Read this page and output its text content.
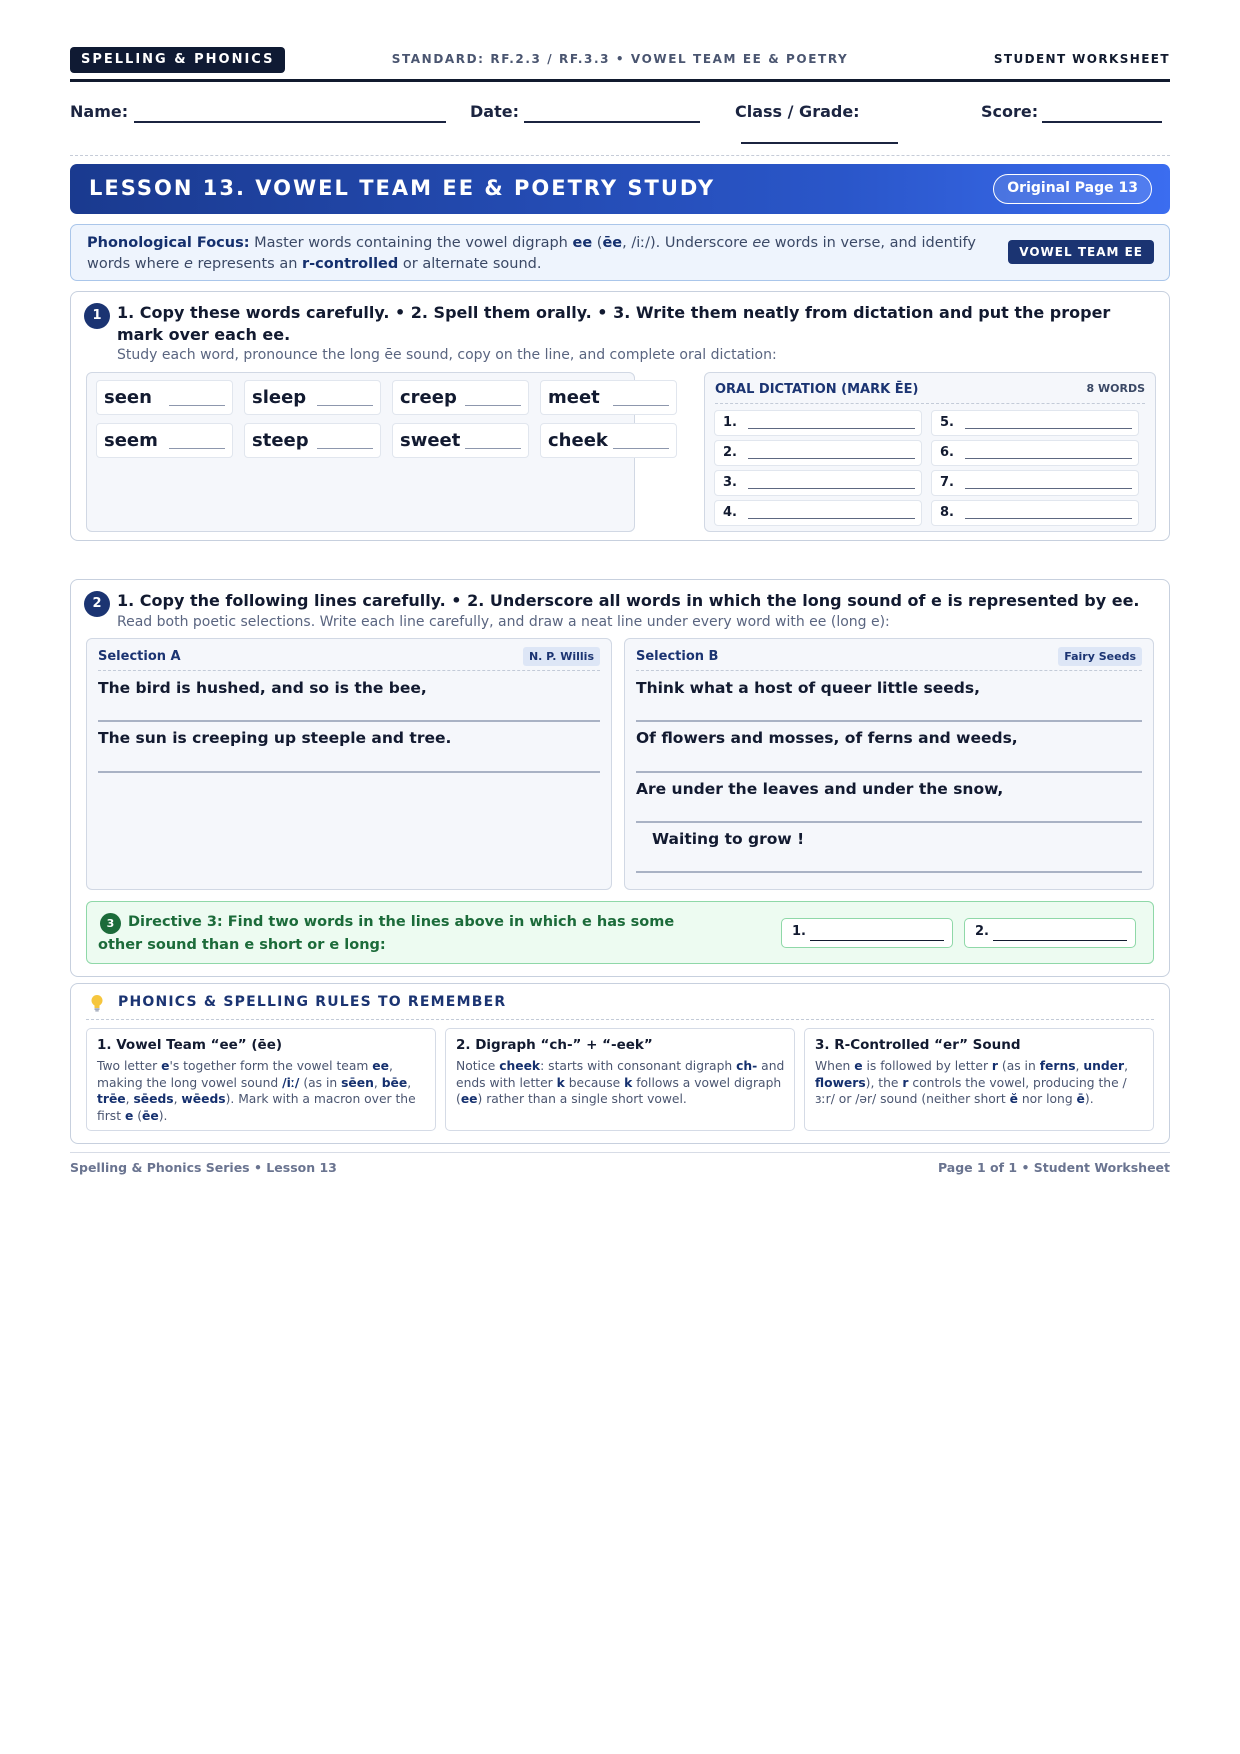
SPELLING & PHONICS	STANDARD: RF.2.3 / RF.3.3 • VOWEL TEAM EE & POETRY	STUDENT WORKSHEET
Name:	Date:	Class / Grade:	Score:
LESSON 13. VOWEL TEAM EE & POETRY STUDY	Original Page 13
Phonological Focus: Master words containing the vowel digraph ee (ēe, /iː/). Underscore ee words in verse, and identify words where e represents an r-controlled or alternate sound.
VOWEL TEAM EE
1 1. Copy these words carefully. • 2. Spell them orally. • 3. Write them neatly from dictation and put the proper mark over each ee.
Study each word, pronounce the long ēe sound, copy on the line, and complete oral dictation:
seen	sleep	creep	meet
seem	steep	sweet	cheek
ORAL DICTATION (MARK ĒE)	8 WORDS
1.
2.
3.
4.
5.
6.
7.
8.
2 1. Copy the following lines carefully. • 2. Underscore all words in which the long sound of e is represented by ee.
Read both poetic selections. Write each line carefully, and draw a neat line under every word with ee (long e):
Selection A	N. P. Willis
The bird is hushed, and so is the bee,
The sun is creeping up steeple and tree.
Selection B	Fairy Seeds
Think what a host of queer little seeds,
Of flowers and mosses, of ferns and weeds,
Are under the leaves and under the snow,
Waiting to grow !
3 Directive 3: Find two words in the lines above in which e has some other sound than e short or e long:
1.	2.
PHONICS & SPELLING RULES TO REMEMBER
1. Vowel Team “ee” (ēe)
Two letter e's together form the vowel team ee, making the long vowel sound /iː/ (as in sēen, bēe, trēe, sēeds, wēeds). Mark with a macron over the first e (ēe).
2. Digraph “ch-” + “-eek”
Notice cheek: starts with consonant digraph ch- and ends with letter k because k follows a vowel digraph (ee) rather than a single short vowel.
3. R-Controlled “er” Sound
When e is followed by letter r (as in ferns, under, flowers), the r controls the vowel, producing the /ɜːr/ or /ər/ sound (neither short ĕ nor long ē).
Spelling & Phonics Series • Lesson 13	Page 1 of 1 • Student Worksheet
